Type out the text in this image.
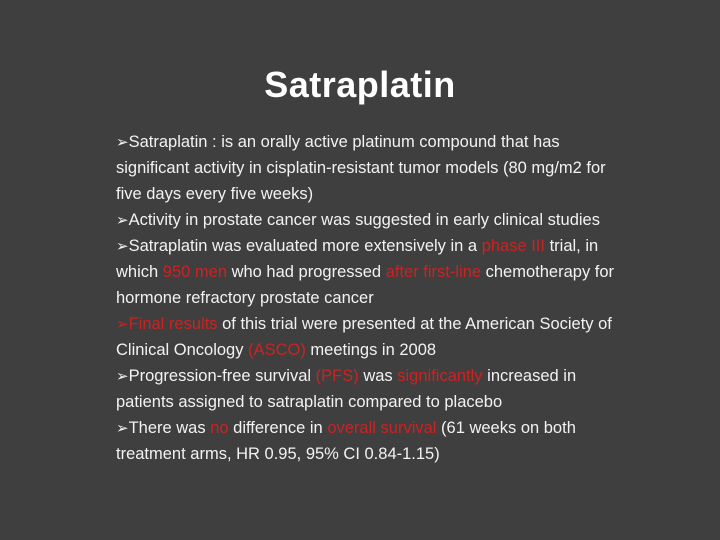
Satraplatin

➢Satraplatin : is an orally active platinum compound that has significant activity in cisplatin-resistant tumor models (80 mg/m2 for five days every five weeks)

➢Activity in prostate cancer was suggested in early clinical studies

➢Satraplatin was evaluated more extensively in a phase III trial, in which 950 men who had progressed after first-line chemotherapy for hormone refractory prostate cancer

➢Final results of this trial were presented at the American Society of Clinical Oncology (ASCO) meetings in 2008

➢Progression-free survival (PFS) was significantly increased in patients assigned to satraplatin compared to placebo

➢There was no difference in overall survival (61 weeks on both treatment arms, HR 0.95, 95% CI 0.84-1.15)
